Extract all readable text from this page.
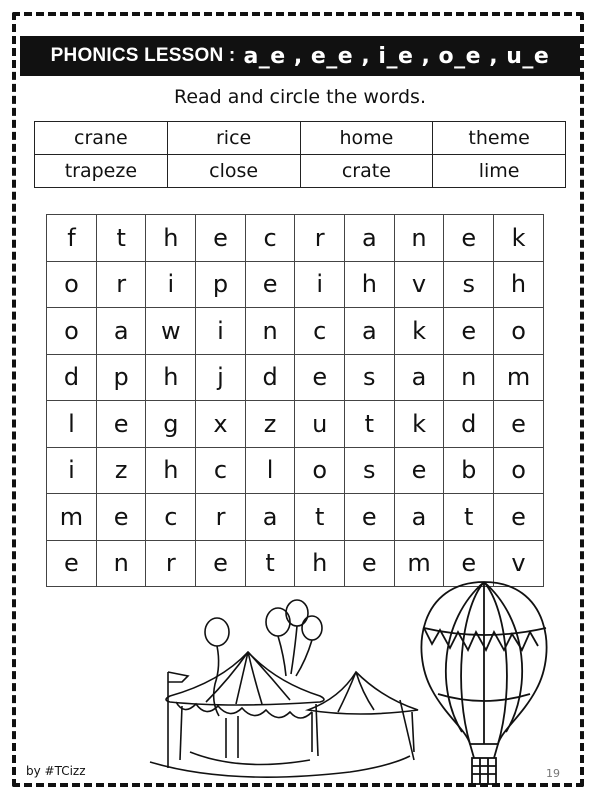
PHONICS LESSON : a_e , e_e , i_e , o_e , u_e
Read and circle the words.
crane	rice	home	theme
trapeze	close	crate	lime
f	t	h	e	c	r	a	n	e	k
o	r	i	p	e	i	h	v	s	h
o	a	w	i	n	c	a	k	e	o
d	p	h	j	d	e	s	a	n	m
l	e	g	x	z	u	t	k	d	e
i	z	h	c	l	o	s	e	b	o
m	e	c	r	a	t	e	a	t	e
e	n	r	e	t	h	e	m	e	v
by #TCizz	19
